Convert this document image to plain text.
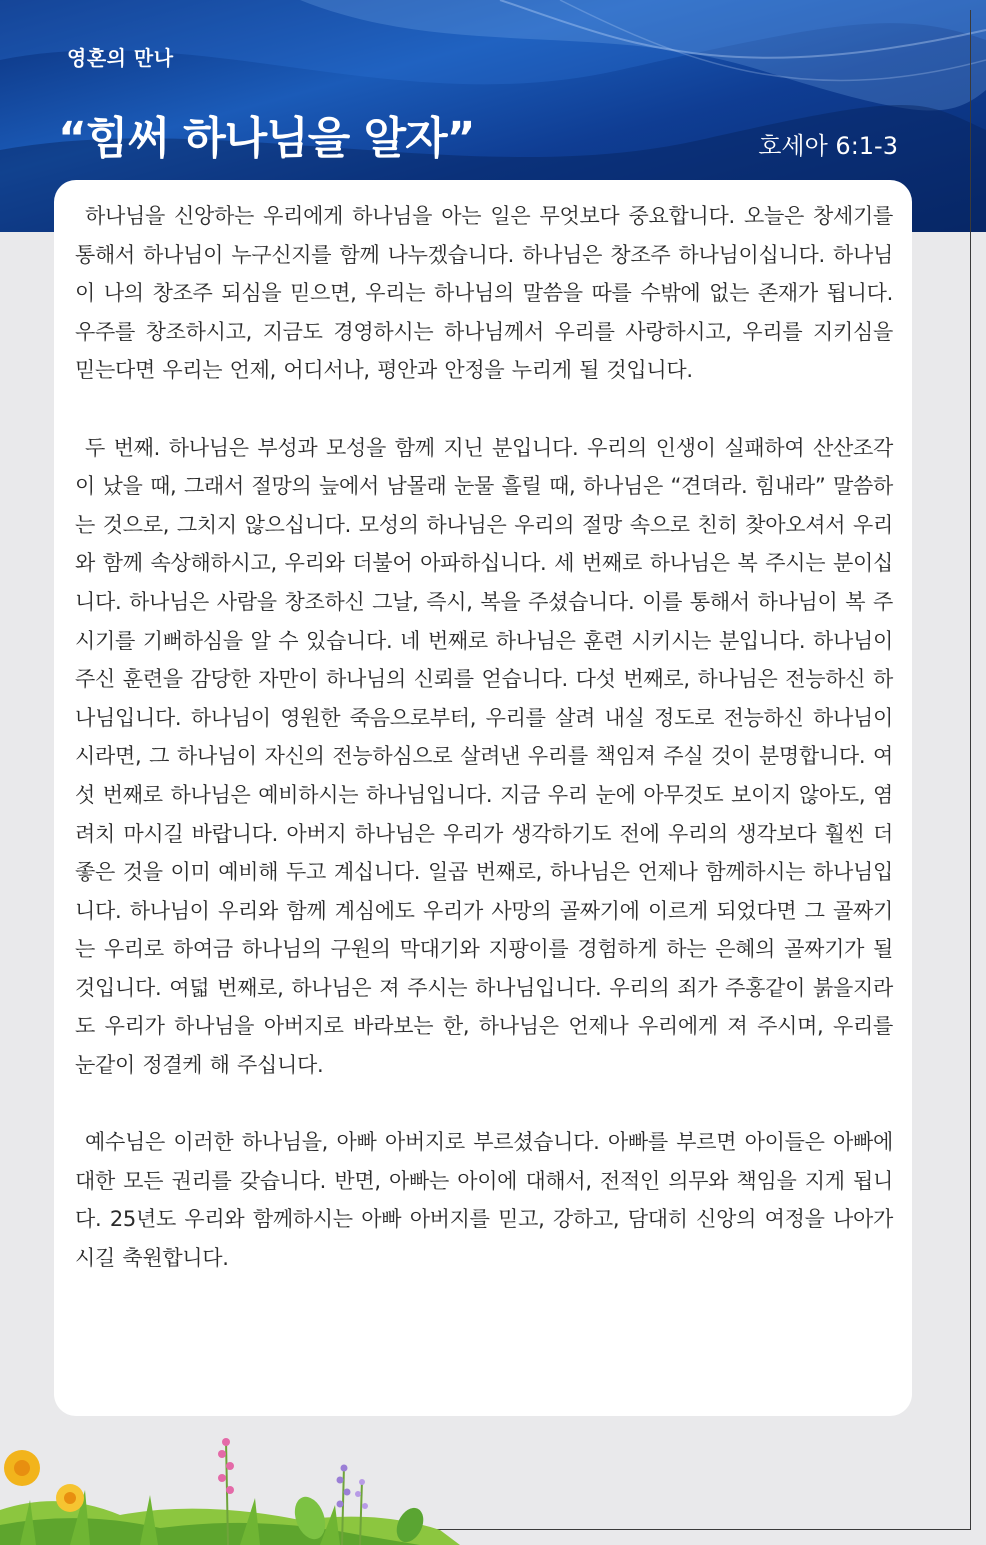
영혼의 만나
“힘써 하나님을 알자”	호세아 6:1-3

하나님을 신앙하는 우리에게 하나님을 아는 일은 무엇보다 중요합니다. 오늘은 창세기를 통해서 하나님이 누구신지를 함께 나누겠습니다. 하나님은 창조주 하나님이십니다. 하나님이 나의 창조주 되심을 믿으면, 우리는 하나님의 말씀을 따를 수밖에 없는 존재가 됩니다. 우주를 창조하시고, 지금도 경영하시는 하나님께서 우리를 사랑하시고, 우리를 지키심을 믿는다면 우리는 언제, 어디서나, 평안과 안정을 누리게 될 것입니다.

두 번째. 하나님은 부성과 모성을 함께 지닌 분입니다. 우리의 인생이 실패하여 산산조각이 났을 때, 그래서 절망의 늪에서 남몰래 눈물 흘릴 때, 하나님은 “견뎌라. 힘내라” 말씀하는 것으로, 그치지 않으십니다. 모성의 하나님은 우리의 절망 속으로 친히 찾아오셔서 우리와 함께 속상해하시고, 우리와 더불어 아파하십니다. 세 번째로 하나님은 복 주시는 분이십니다. 하나님은 사람을 창조하신 그날, 즉시, 복을 주셨습니다. 이를 통해서 하나님이 복 주시기를 기뻐하심을 알 수 있습니다. 네 번째로 하나님은 훈련 시키시는 분입니다. 하나님이 주신 훈련을 감당한 자만이 하나님의 신뢰를 얻습니다. 다섯 번째로, 하나님은 전능하신 하나님입니다. 하나님이 영원한 죽음으로부터, 우리를 살려 내실 정도로 전능하신 하나님이시라면, 그 하나님이 자신의 전능하심으로 살려낸 우리를 책임져 주실 것이 분명합니다. 여섯 번째로 하나님은 예비하시는 하나님입니다. 지금 우리 눈에 아무것도 보이지 않아도, 염려치 마시길 바랍니다. 아버지 하나님은 우리가 생각하기도 전에 우리의 생각보다 훨씬 더 좋은 것을 이미 예비해 두고 계십니다. 일곱 번째로, 하나님은 언제나 함께하시는 하나님입니다. 하나님이 우리와 함께 계심에도 우리가 사망의 골짜기에 이르게 되었다면 그 골짜기는 우리로 하여금 하나님의 구원의 막대기와 지팡이를 경험하게 하는 은혜의 골짜기가 될 것입니다. 여덟 번째로, 하나님은 져 주시는 하나님입니다. 우리의 죄가 주홍같이 붉을지라도 우리가 하나님을 아버지로 바라보는 한, 하나님은 언제나 우리에게 져 주시며, 우리를 눈같이 정결케 해 주십니다.

예수님은 이러한 하나님을, 아빠 아버지로 부르셨습니다. 아빠를 부르면 아이들은 아빠에 대한 모든 권리를 갖습니다. 반면, 아빠는 아이에 대해서, 전적인 의무와 책임을 지게 됩니다. 25년도 우리와 함께하시는 아빠 아버지를 믿고, 강하고, 담대히 신앙의 여정을 나아가시길 축원합니다.
